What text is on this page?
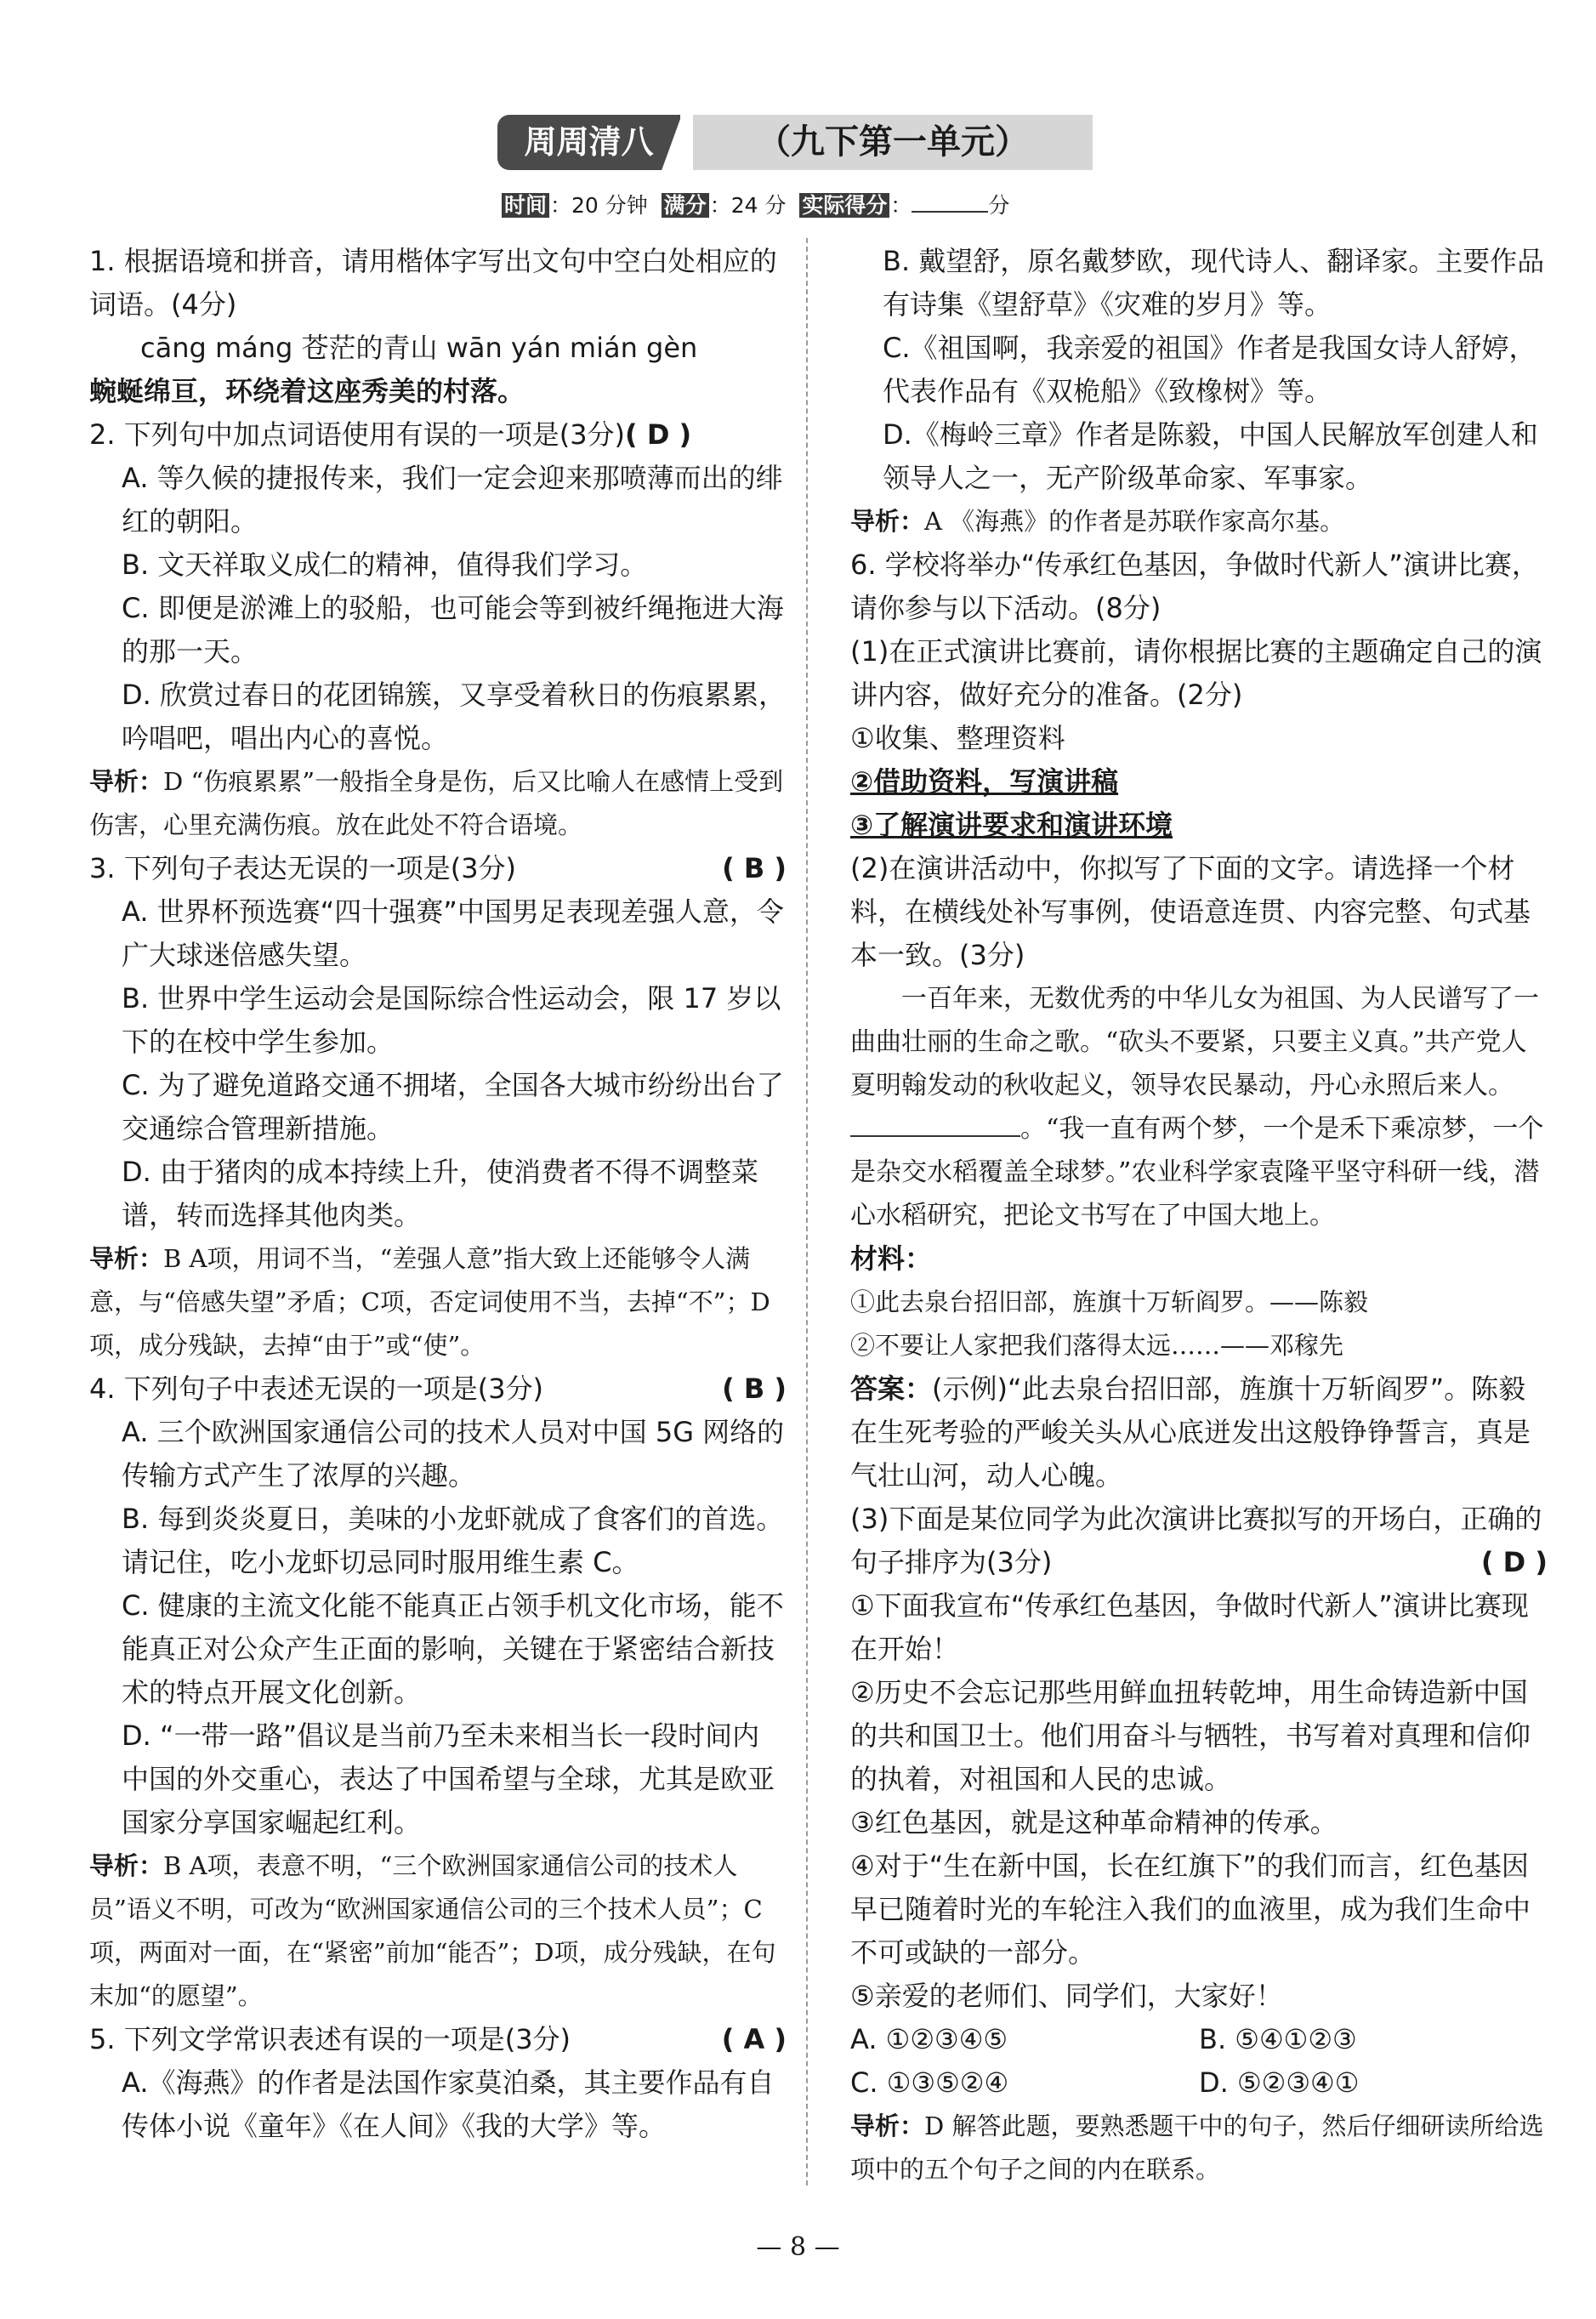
周周清八	（九下第一单元）
时间 ：20 分钟 满分 ：24 分 实际得分 ：	分

1. 根据语境和拼音，请用楷体字写出文句中空白处相应的词语。(4分)

cāng máng 苍茫的青山 wān yán mián gèn

蜿蜒绵亘，环绕着这座秀美的村落。

2. 下列句中加点词语使用有误的一项是(3分)( D )

A. 等久候的捷报传来，我们一定会迎来那喷薄而出的绯红的朝阳。

B. 文天祥取义成仁的精神，值得我们学习。

C. 即便是淤滩上的驳船，也可能会等到被纤绳拖进大海的那一天。

D. 欣赏过春日的花团锦簇，又享受着秋日的伤痕累累，吟唱吧，唱出内心的喜悦。

导析：D “伤痕累累”一般指全身是伤，后又比喻人在感情上受到伤害，心里充满伤痕。放在此处不符合语境。

3. 下列句子表达无误的一项是(3分)	( B )

A. 世界杯预选赛“四十强赛”中国男足表现差强人意，令广大球迷倍感失望。

B. 世界中学生运动会是国际综合性运动会，限 17 岁以下的在校中学生参加。

C. 为了避免道路交通不拥堵，全国各大城市纷纷出台了交通综合管理新措施。

D. 由于猪肉的成本持续上升，使消费者不得不调整菜谱，转而选择其他肉类。

导析：B A项，用词不当，“差强人意”指大致上还能够令人满意，与“倍感失望”矛盾；C项，否定词使用不当，去掉“不”；D项，成分残缺，去掉“由于”或“使”。

4. 下列句子中表述无误的一项是(3分)	( B )

A. 三个欧洲国家通信公司的技术人员对中国 5G 网络的传输方式产生了浓厚的兴趣。

B. 每到炎炎夏日，美味的小龙虾就成了食客们的首选。请记住，吃小龙虾切忌同时服用维生素 C。

C. 健康的主流文化能不能真正占领手机文化市场，能不能真正对公众产生正面的影响，关键在于紧密结合新技术的特点开展文化创新。

D. “一带一路”倡议是当前乃至未来相当长一段时间内中国的外交重心，表达了中国希望与全球，尤其是欧亚国家分享国家崛起红利。

导析：B A项，表意不明，“三个欧洲国家通信公司的技术人员”语义不明，可改为“欧洲国家通信公司的三个技术人员”；C项，两面对一面，在“紧密”前加“能否”；D项，成分残缺，在句末加“的愿望”。

5. 下列文学常识表述有误的一项是(3分)	( A )

A.《海燕》的作者是法国作家莫泊桑，其主要作品有自传体小说《童年》《在人间》《我的大学》等。

B. 戴望舒，原名戴梦欧，现代诗人、翻译家。主要作品有诗集《望舒草》《灾难的岁月》等。

C.《祖国啊，我亲爱的祖国》作者是我国女诗人舒婷，代表作品有《双桅船》《致橡树》等。

D.《梅岭三章》作者是陈毅，中国人民解放军创建人和领导人之一，无产阶级革命家、军事家。

导析：A 《海燕》的作者是苏联作家高尔基。

6. 学校将举办“传承红色基因，争做时代新人”演讲比赛，请你参与以下活动。(8分)

(1)在正式演讲比赛前，请你根据比赛的主题确定自己的演讲内容，做好充分的准备。(2分)

①收集、整理资料

②借助资料，写演讲稿

③了解演讲要求和演讲环境

(2)在演讲活动中，你拟写了下面的文字。请选择一个材料，在横线处补写事例，使语意连贯、内容完整、句式基本一致。(3分)

一百年来，无数优秀的中华儿女为祖国、为人民谱写了一曲曲壮丽的生命之歌。“砍头不要紧，只要主义真。”共产党人夏明翰发动的秋收起义，领导农民暴动，丹心永照后来人。。“我一直有两个梦，一个是禾下乘凉梦，一个是杂交水稻覆盖全球梦。”农业科学家袁隆平坚守科研一线，潜心水稻研究，把论文书写在了中国大地上。

材料：

①此去泉台招旧部，旌旗十万斩阎罗。——陈毅

②不要让人家把我们落得太远……——邓稼先

答案：(示例)“此去泉台招旧部，旌旗十万斩阎罗”。陈毅在生死考验的严峻关头从心底迸发出这般铮铮誓言，真是气壮山河，动人心魄。

(3)下面是某位同学为此次演讲比赛拟写的开场白，正确的句子排序为(3分)	( D )

①下面我宣布“传承红色基因，争做时代新人”演讲比赛现在开始！

②历史不会忘记那些用鲜血扭转乾坤，用生命铸造新中国的共和国卫士。他们用奋斗与牺牲，书写着对真理和信仰的执着，对祖国和人民的忠诚。

③红色基因，就是这种革命精神的传承。

④对于“生在新中国，长在红旗下”的我们而言，红色基因早已随着时光的车轮注入我们的血液里，成为我们生命中不可或缺的一部分。

⑤亲爱的老师们、同学们，大家好！

A. ①②③④⑤	B. ⑤④①②③
C. ①③⑤②④	D. ⑤②③④①

导析：D 解答此题，要熟悉题干中的句子，然后仔细研读所给选项中的五个句子之间的内在联系。

— 8 —
